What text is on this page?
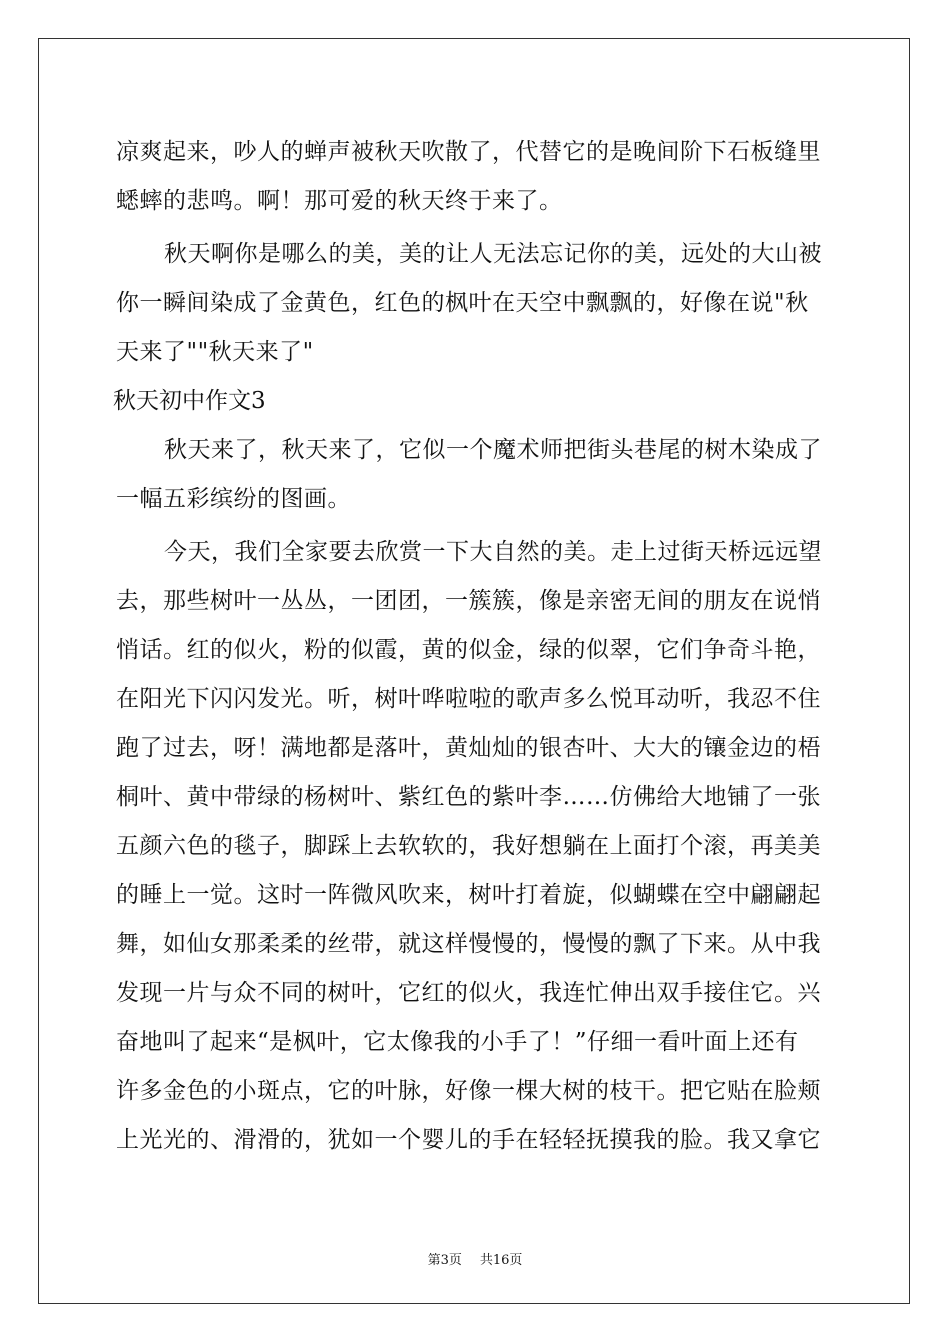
凉爽起来，吵人的蝉声被秋天吹散了，代替它的是晚间阶下石板缝里
蟋蟀的悲鸣。啊！那可爱的秋天终于来了。
秋天啊你是哪么的美，美的让人无法忘记你的美，远处的大山被
你一瞬间染成了金黄色，红色的枫叶在天空中飘飘的，好像在说"秋
天来了""秋天来了"
秋天初中作文3
秋天来了，秋天来了，它似一个魔术师把街头巷尾的树木染成了
一幅五彩缤纷的图画。
今天，我们全家要去欣赏一下大自然的美。走上过街天桥远远望
去，那些树叶一丛丛，一团团，一簇簇，像是亲密无间的朋友在说悄
悄话。红的似火，粉的似霞，黄的似金，绿的似翠，它们争奇斗艳，
在阳光下闪闪发光。听，树叶哗啦啦的歌声多么悦耳动听，我忍不住
跑了过去，呀！满地都是落叶，黄灿灿的银杏叶、大大的镶金边的梧
桐叶、黄中带绿的杨树叶、紫红色的紫叶李……仿佛给大地铺了一张
五颜六色的毯子，脚踩上去软软的，我好想躺在上面打个滚，再美美
的睡上一觉。这时一阵微风吹来，树叶打着旋，似蝴蝶在空中翩翩起
舞，如仙女那柔柔的丝带，就这样慢慢的，慢慢的飘了下来。从中我
发现一片与众不同的树叶，它红的似火，我连忙伸出双手接住它。兴
奋地叫了起来“是枫叶，它太像我的小手了！”仔细一看叶面上还有
许多金色的小斑点，它的叶脉，好像一棵大树的枝干。把它贴在脸颊
上光光的、滑滑的，犹如一个婴儿的手在轻轻抚摸我的脸。我又拿它
第3页 共16页
